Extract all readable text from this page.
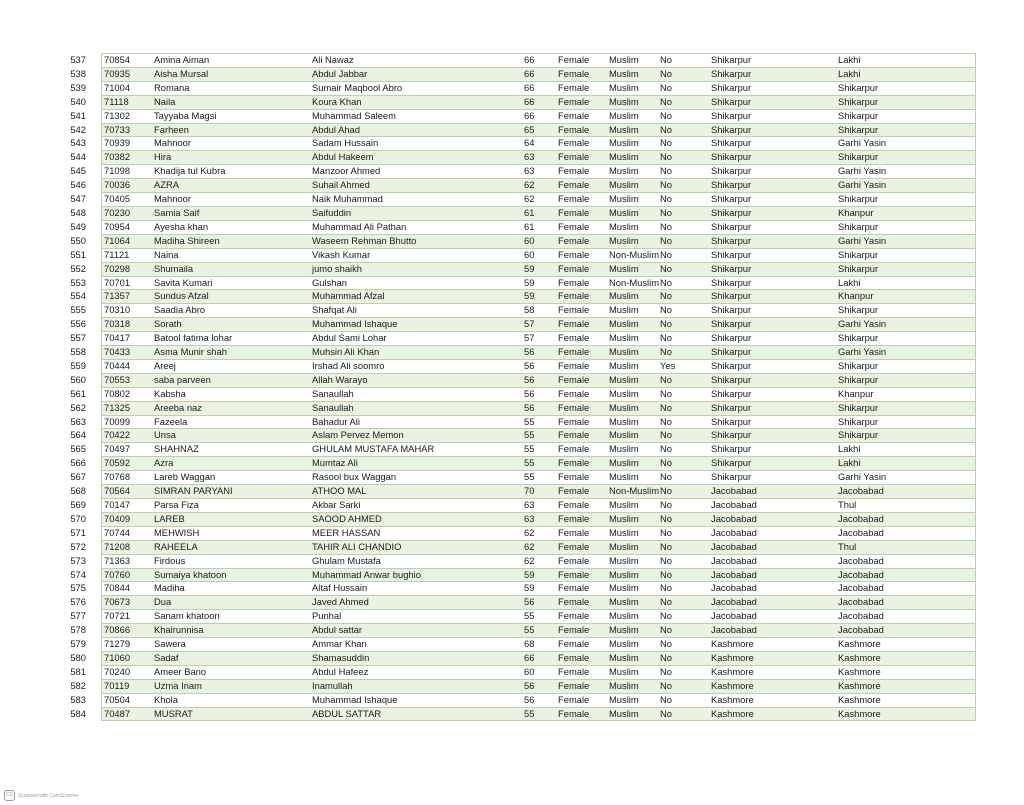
537 70854	Amina Aiman	Ali Nawaz	66	Female Muslim	No	Shikarpur	Lakhi
538 70935	Aisha Mursal	Abdul Jabbar	66	Female Muslim	No	Shikarpur	Lakhi
539 71004	Romana	Sumair Maqbool Abro	66	Female Muslim	No	Shikarpur	Shikarpur
540 71118	Naila	Koura Khan	66	Female Muslim	No	Shikarpur	Shikarpur
541 71302	Tayyaba Magsi	Muhammad Saleem	66	Female Muslim	No	Shikarpur	Shikarpur
542 70733	Farheen	Abdul Ahad	65	Female Muslim	No	Shikarpur	Shikarpur
543 70939	Mahnoor	Sadam Hussain	64	Female Muslim	No	Shikarpur	Garhi Yasin
544 70382	Hira	Abdul Hakeem	63	Female Muslim	No	Shikarpur	Shikarpur
545 71098	Khadija tul Kubra	Manzoor Ahmed	63	Female Muslim	No	Shikarpur	Garhi Yasin
546 70036	AZRA	Suhail Ahmed	62	Female Muslim	No	Shikarpur	Garhi Yasin
547 70405	Mahnoor	Naik Muhammad	62	Female Muslim	No	Shikarpur	Shikarpur
548 70230	Samia Saif	Saifuddin	61	Female Muslim	No	Shikarpur	Khanpur
549 70954	Ayesha khan	Muhammad Ali Pathan	61	Female Muslim	No	Shikarpur	Shikarpur
550 71064	Madiha Shireen	Waseem Rehman Bhutto	60	Female Muslim	No	Shikarpur	Garhi Yasin
551 71121	Naina	Vikash Kumar	60	Female Non-Muslim No	Shikarpur	Shikarpur
552 70298	Shumaila	jumo shaikh	59	Female Muslim	No	Shikarpur	Shikarpur
553 70701	Savita Kumari	Gulshan	59	Female Non-Muslim No	Shikarpur	Lakhi
554 71357	Sundus Afzal	Muhammad Afzal	59	Female Muslim	No	Shikarpur	Khanpur
555 70310	Saadia Abro	Shafqat Ali	58	Female Muslim	No	Shikarpur	Shikarpur
556 70318	Sorath	Muhammad Ishaque	57	Female Muslim	No	Shikarpur	Garhi Yasin
557 70417	Batool fatima lohar	Abdul Sami Lohar	57	Female Muslim	No	Shikarpur	Shikarpur
558 70433	Asma Munir shah	Muhsin Ali Khan	56	Female Muslim	No	Shikarpur	Garhi Yasin
559 70444	Areej	Irshad Ali soomro	56	Female Muslim	Yes	Shikarpur	Shikarpur
560 70553	saba parveen	Allah Warayo	56	Female Muslim	No	Shikarpur	Shikarpur
561 70802	Kabsha	Sanaullah	56	Female Muslim	No	Shikarpur	Khanpur
562 71325	Areeba naz	Sanaullah	56	Female Muslim	No	Shikarpur	Shikarpur
563 70099	Fazeela	Bahadur Ali	55	Female Muslim	No	Shikarpur	Shikarpur
564 70422	Unsa	Aslam Pervez Memon	55	Female Muslim	No	Shikarpur	Shikarpur
565 70497	SHAHNAZ	GHULAM MUSTAFA MAHAR	55	Female Muslim	No	Shikarpur	Lakhi
566 70592	Azra	Mumtaz Ali	55	Female Muslim	No	Shikarpur	Lakhi
567 70768	Lareb Waggan	Rasool bux Waggan	55	Female Muslim	No	Shikarpur	Garhi Yasin
568 70564	SIMRAN PARYANI	ATHOO MAL	70	Female Non-Muslim No	Jacobabad	Jacobabad
569 70147	Parsa Fiza	Akbar Sarki	63	Female Muslim	No	Jacobabad	Thul
570 70409	LAREB	SAOOD AHMED	63	Female Muslim	No	Jacobabad	Jacobabad
571 70744	MEHWISH	MEER HASSAN	62	Female Muslim	No	Jacobabad	Jacobabad
572 71208	RAHEELA	TAHIR ALI CHANDIO	62	Female Muslim	No	Jacobabad	Thul
573 71363	Firdous	Ghulam Mustafa	62	Female Muslim	No	Jacobabad	Jacobabad
574 70760	Sumaiya khatoon	Muhammad Anwar bughio	59	Female Muslim	No	Jacobabad	Jacobabad
575 70844	Madiha	Altaf Hussain	59	Female Muslim	No	Jacobabad	Jacobabad
576 70673	Dua	Javed Ahmed	56	Female Muslim	No	Jacobabad	Jacobabad
577 70721	Sanam khatoon	Punhal	55	Female Muslim	No	Jacobabad	Jacobabad
578 70866	Khairunnisa	Abdul sattar	55	Female Muslim	No	Jacobabad	Jacobabad
579 71279	Sawera	Ammar Khan	68	Female Muslim	No	Kashmore	Kashmore
580 71060	Sadaf	Shamasuddin	66	Female Muslim	No	Kashmore	Kashmore
581 70240	Ameer Bano	Abdul Hafeez	60	Female Muslim	No	Kashmore	Kashmore
582 70119	Uzma Inam	Inamullah	56	Female Muslim	No	Kashmore	Kashmore
583 70504	Khola	Muhammad Ishaque	56	Female Muslim	No	Kashmore	Kashmore
584 70487	MUSRAT	ABDUL SATTAR	55	Female Muslim	No	Kashmore	Kashmore
CS	Scanned with CamScanner
